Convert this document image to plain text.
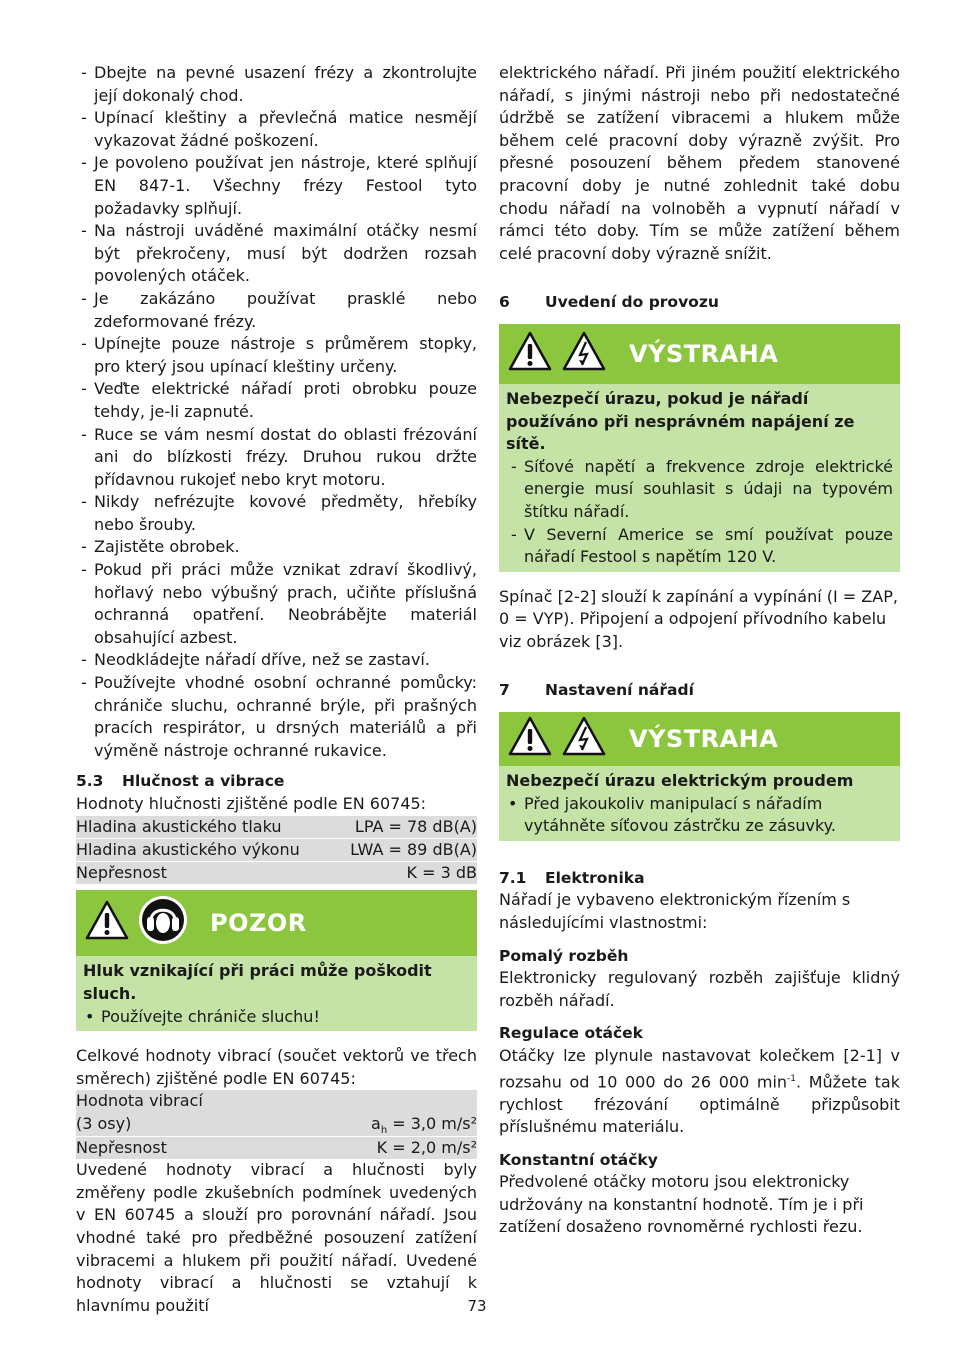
- Dbejte na pevné usazení frézy a zkontrolujte její dokonalý chod.
- Upínací kleštiny a převlečná matice nesmějí vykazovat žádné poškození.
- Je povoleno používat jen nástroje, které splňují EN 847-1. Všechny frézy Festool tyto požadavky splňují.
- Na nástroji uváděné maximální otáčky nesmí být překročeny, musí být dodržen rozsah povolených otáček.
- Je zakázáno používat prasklé nebo zdeformované frézy.
- Upínejte pouze nástroje s průměrem stopky, pro který jsou upínací kleštiny určeny.
- Veďte elektrické nářadí proti obrobku pouze tehdy, je-li zapnuté.
- Ruce se vám nesmí dostat do oblasti frézování ani do blízkosti frézy. Druhou rukou držte přídavnou rukojeť nebo kryt motoru.
- Nikdy nefrézujte kovové předměty, hřebíky nebo šrouby.
- Zajistěte obrobek.
- Pokud při práci může vznikat zdraví škodlivý, hořlavý nebo výbušný prach, učiňte příslušná ochranná opatření. Neobrábějte materiál obsahující azbest.
- Neodkládejte nářadí dříve, než se zastaví.
- Používejte vhodné osobní ochranné pomůcky: chrániče sluchu, ochranné brýle, při prašných pracích respirátor, u drsných materiálů a při výměně nástroje ochranné rukavice.
5.3	Hlučnost a vibrace

Hodnoty hlučnosti zjištěné podle EN 60745:

Hladina akustického tlaku	LPA = 78 dB(A)
Hladina akustického výkonu	LWA = 89 dB(A)
Nepřesnost	K = 3 dB
POZOR
Hluk vznikající při práci může poškodit sluch.
• Používejte chrániče sluchu!

Celkové hodnoty vibrací (součet vektorů ve třech směrech) zjištěné podle EN 60745:

Hodnota vibrací
(3 osy)	$a_h = 3,0$ m/s²
Nepřesnost	K = 2,0 m/s²

Uvedené hodnoty vibrací a hlučnosti byly změřeny podle zkušebních podmínek uvedených v EN 60745 a slouží pro porovnání nářadí. Jsou vhodné také pro předběžné posouzení zatížení vibracemi a hlukem při použití nářadí. Uvedené hodnoty vibrací a hlučnosti se vztahují k hlavnímu použití

elektrického nářadí. Při jiném použití elektrického nářadí, s jinými nástroji nebo při nedostatečné údržbě se zatížení vibracemi a hlukem může během celé pracovní doby výrazně zvýšit. Pro přesné posouzení během předem stanovené pracovní doby je nutné zohlednit také dobu chodu nářadí na volnoběh a vypnutí nářadí v rámci této doby. Tím se může zatížení během celé pracovní doby výrazně snížit.

6	Uvedení do provozu
VÝSTRAHA
Nebezpečí úrazu, pokud je nářadí používáno při nesprávném napájení ze sítě.
- Síťové napětí a frekvence zdroje elektrické energie musí souhlasit s údaji na typovém štítku nářadí.
- V Severní Americe se smí používat pouze nářadí Festool s napětím 120 V.

Spínač [2-2] slouží k zapínání a vypínání (I = ZAP, 0 = VYP). Připojení a odpojení přívodního kabelu viz obrázek [3].

7	Nastavení nářadí
VÝSTRAHA
Nebezpečí úrazu elektrickým proudem
• Před jakoukoliv manipulací s nářadím vytáhněte síťovou zástrčku ze zásuvky.
7.1	Elektronika

Nářadí je vybaveno elektronickým řízením s následujícími vlastnostmi:

Pomalý rozběh

Elektronicky regulovaný rozběh zajišťuje klidný rozběh nářadí.

Regulace otáček

Otáčky lze plynule nastavovat kolečkem [2-1] v rozsahu od 10 000 do 26 000 $\min^{-1}$. Můžete tak rychlost frézování optimálně přizpůsobit příslušnému materiálu.

Konstantní otáčky

Předvolené otáčky motoru jsou elektronicky udržovány na konstantní hodnotě. Tím je i při zatížení dosaženo rovnoměrné rychlosti řezu.

73
